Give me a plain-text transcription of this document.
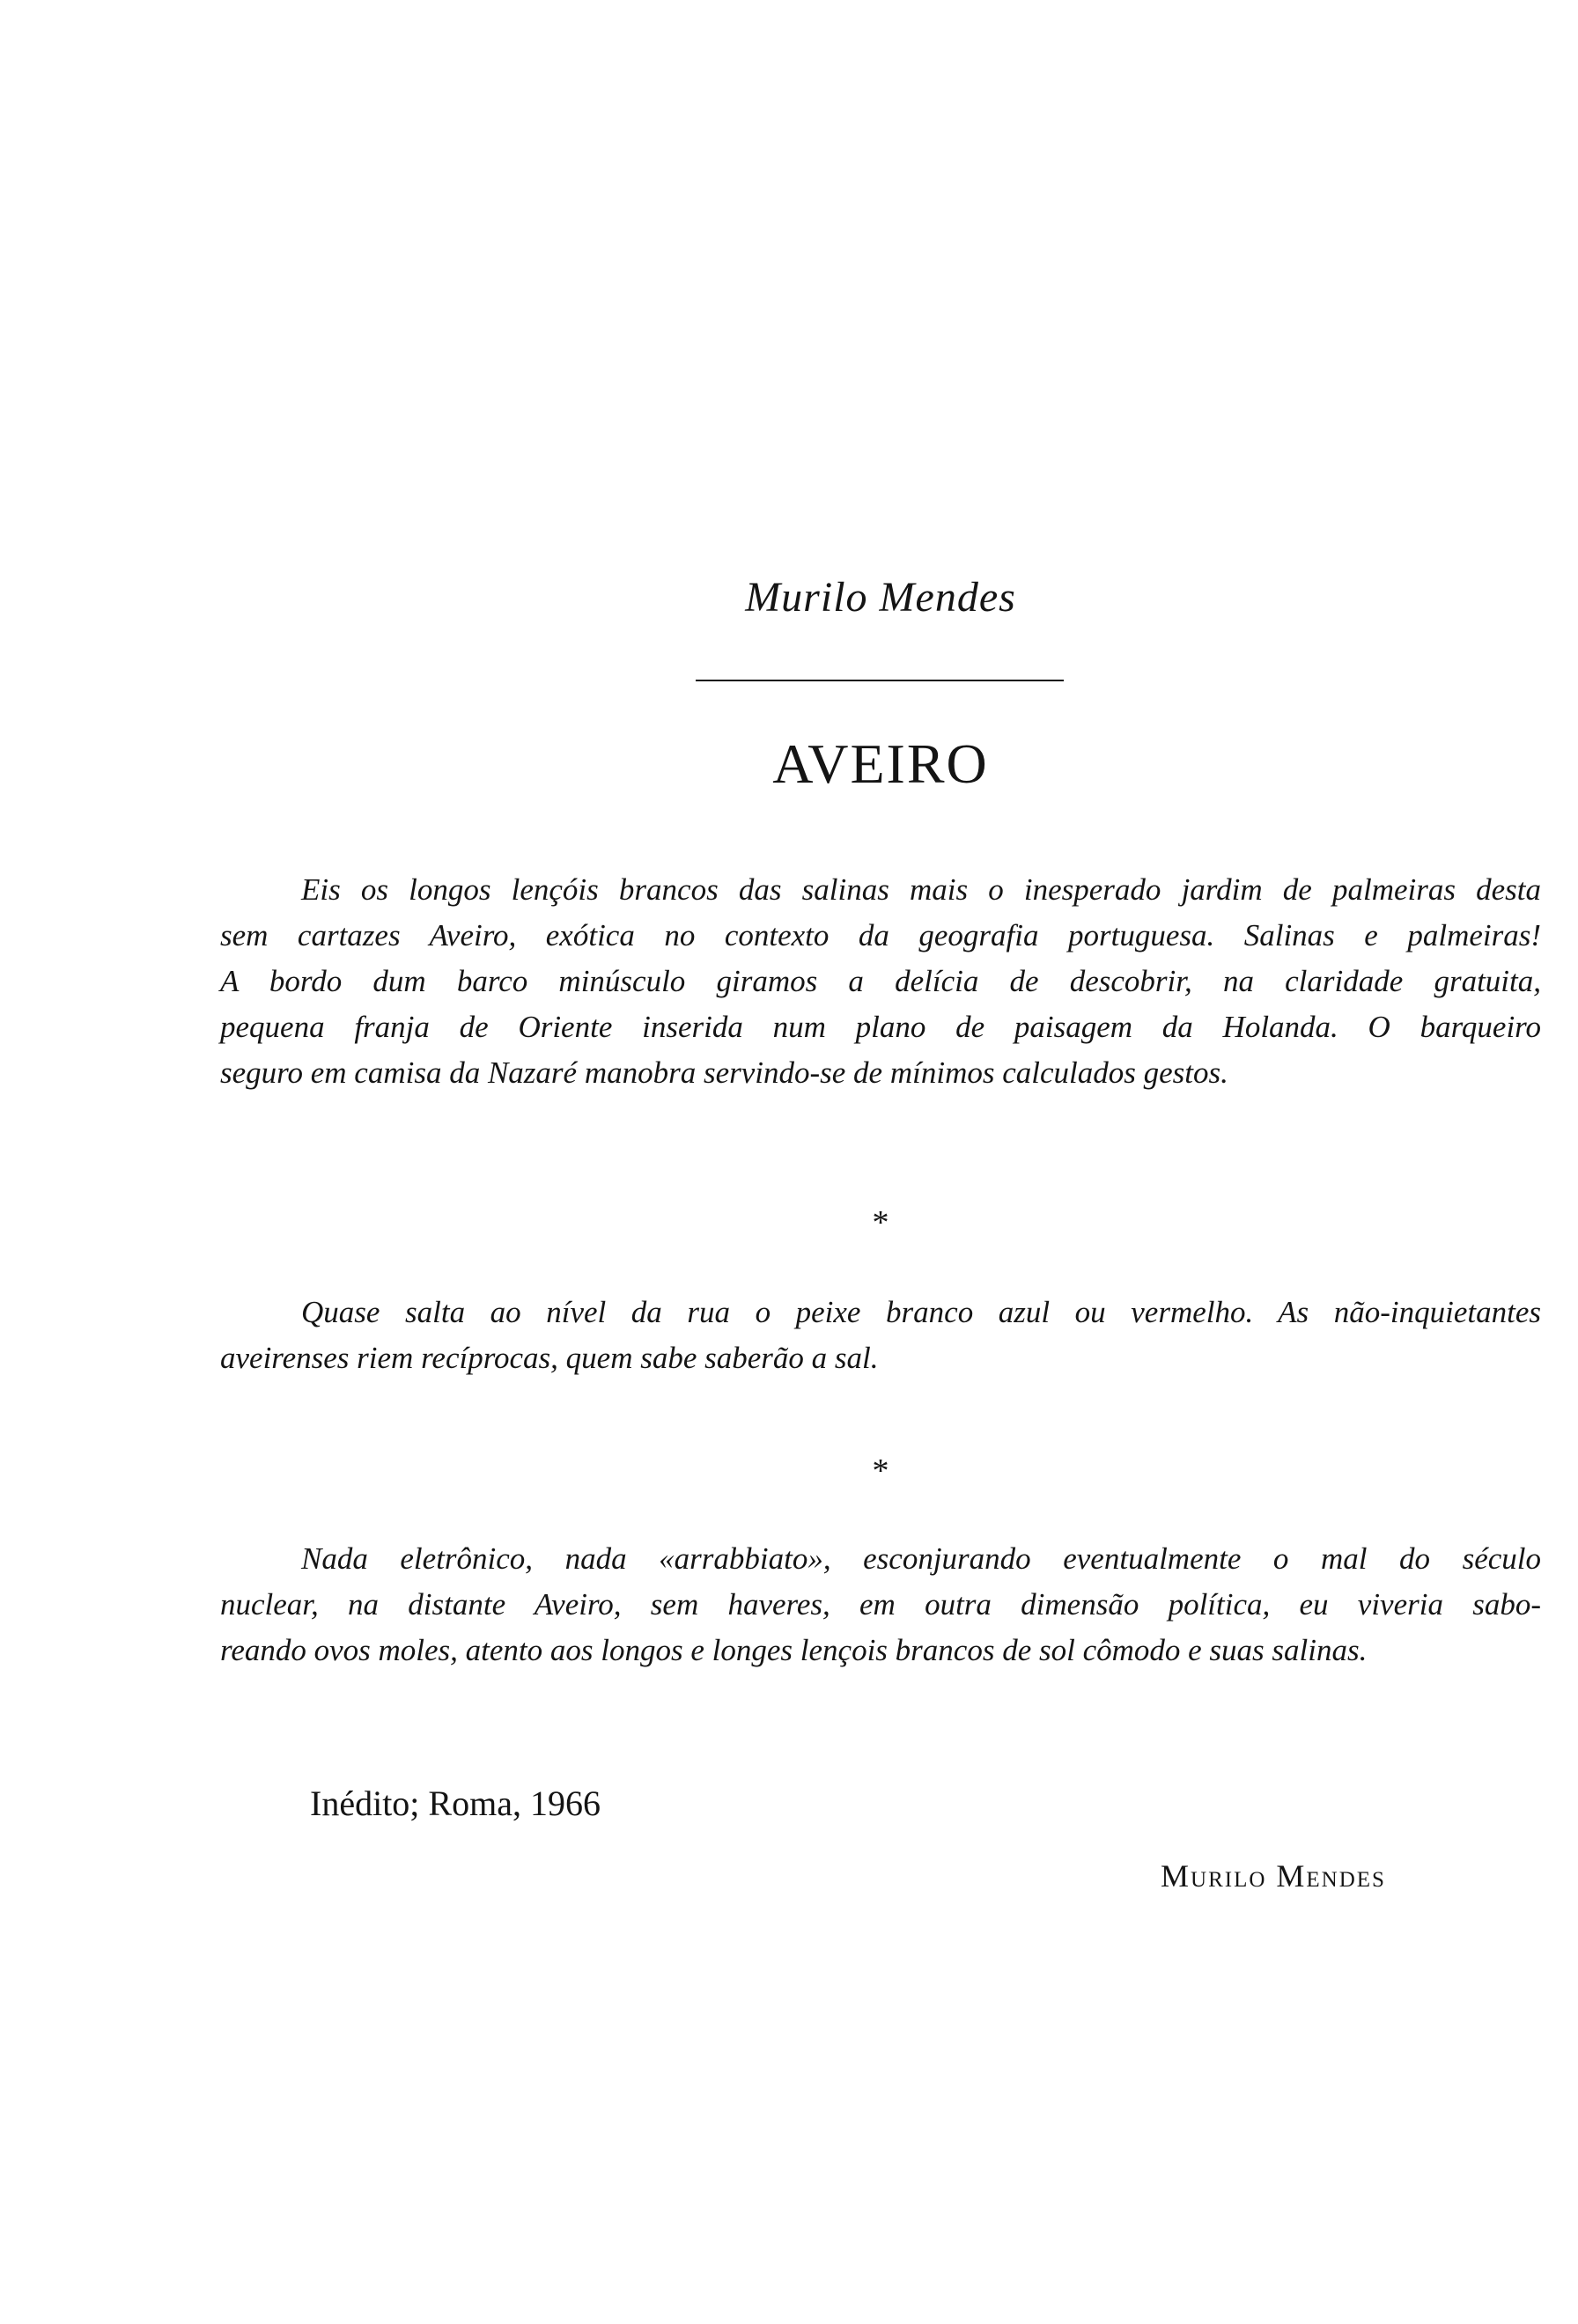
Murilo Mendes
AVEIRO

Eis os longos lençóis brancos das salinas mais o inesperado jardim de palmeiras desta
sem cartazes Aveiro, exótica no contexto da geografia portuguesa. Salinas e palmeiras!
A bordo dum barco minúsculo giramos a delícia de descobrir, na claridade gratuita,
pequena franja de Oriente inserida num plano de paisagem da Holanda. O barqueiro
seguro em camisa da Nazaré manobra servindo-se de mínimos calculados gestos.

*

Quase salta ao nível da rua o peixe branco azul ou vermelho. As não-inquietantes
aveirenses riem recíprocas, quem sabe saberão a sal.

*

Nada eletrônico, nada «arrabbiato», esconjurando eventualmente o mal do século
nuclear, na distante Aveiro, sem haveres, em outra dimensão política, eu viveria sabo-
reando ovos moles, atento aos longos e longes lençois brancos de sol cômodo e suas salinas.

Inédito; Roma, 1966

Murilo Mendes
